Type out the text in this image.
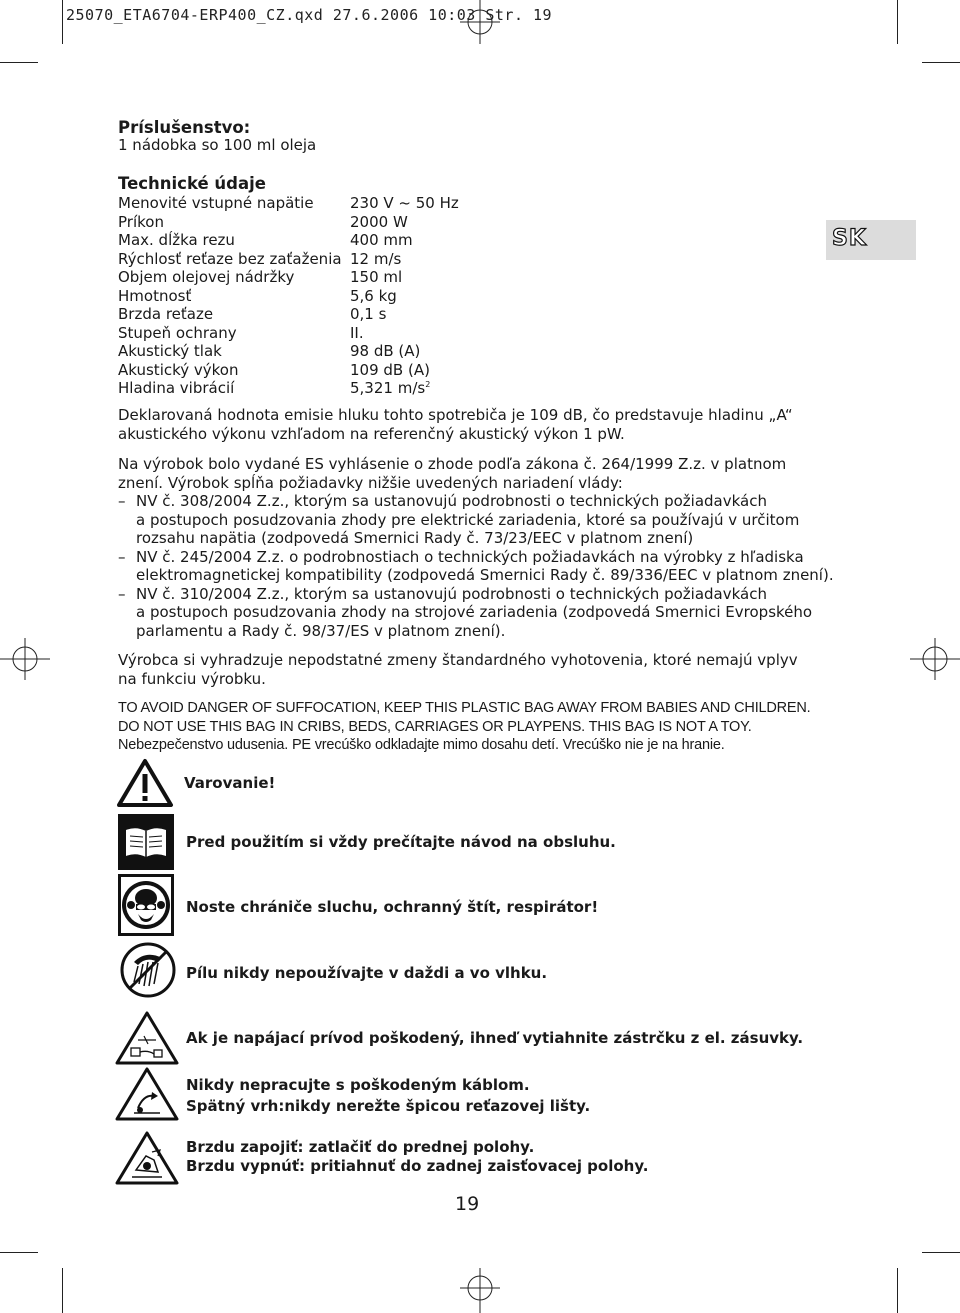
25070_ETA6704-ERP400_CZ.qxd 27.6.2006 10:03 Str. 19
Príslušenstvo:
1 nádobka so 100 ml oleja
Technické údaje
Menovité vstupné napätie 230 V ~ 50 Hz
Príkon	2000 W
Max. dĺžka rezu	400 mm
Rýchlosť reťaze bez zaťaženia 12 m/s
Objem olejovej nádržky	150 ml
Hmotnosť	5,6 kg
Brzda reťaze	0,1 s
Stupeň ochrany	II.
Akustický tlak	98 dB (A)
Akustický výkon	109 dB (A)
Hladina vibrácií	5,321 $m/s^2$
SK
Deklarovaná hodnota emisie hluku tohto spotrebiča je 109 dB, čo predstavuje hladinu „A“
akustického výkonu vzhľadom na referenčný akustický výkon 1 pW.
Na výrobok bolo vydané ES vyhlásenie o zhode podľa zákona č. 264/1999 Z.z. v platnom
znení. Výrobok spĺňa požiadavky nižšie uvedených nariadení vlády:
– NV č. 308/2004 Z.z., ktorým sa ustanovujú podrobnosti o technických požiadavkách
a postupoch posudzovania zhody pre elektrické zariadenia, ktoré sa používajú v určitom
rozsahu napätia (zodpovedá Smernici Rady č. 73/23/EEC v platnom znení)
– NV č. 245/2004 Z.z. o podrobnostiach o technických požiadavkách na výrobky z hľadiska
elektromagnetickej kompatibility (zodpovedá Smernici Rady č. 89/336/EEC v platnom znení).
– NV č. 310/2004 Z.z., ktorým sa ustanovujú podrobnosti o technických požiadavkách
a postupoch posudzovania zhody na strojové zariadenia (zodpovedá Smernici Evropského
parlamentu a Rady č. 98/37/ES v platnom znení).
Výrobca si vyhradzuje nepodstatné zmeny štandardného vyhotovenia, ktoré nemajú vplyv
na funkciu výrobku.
TO AVOID DANGER OF SUFFOCATION, KEEP THIS PLASTIC BAG AWAY FROM BABIES AND CHILDREN.
DO NOT USE THIS BAG IN CRIBS, BEDS, CARRIAGES OR PLAYPENS. THIS BAG IS NOT A TOY.
Nebezpečenstvo udusenia. PE vrecúško odkladajte mimo dosahu detí. Vrecúško nie je na hranie.
Varovanie!
Pred použitím si vždy prečítajte návod na obsluhu.
Noste chrániče sluchu, ochranný štít, respirátor!
Pílu nikdy nepoužívajte v daždi a vo vlhku.
Ak je napájací prívod poškodený, ihneď vytiahnite zástrčku z el. zásuvky.
Nikdy nepracujte s poškodeným káblom.
Spätný vrh:nikdy nerežte špicou reťazovej lišty.
Brzdu zapojiť: zatlačiť do prednej polohy.
Brzdu vypnúť: pritiahnuť do zadnej zaisťovacej polohy.
19
